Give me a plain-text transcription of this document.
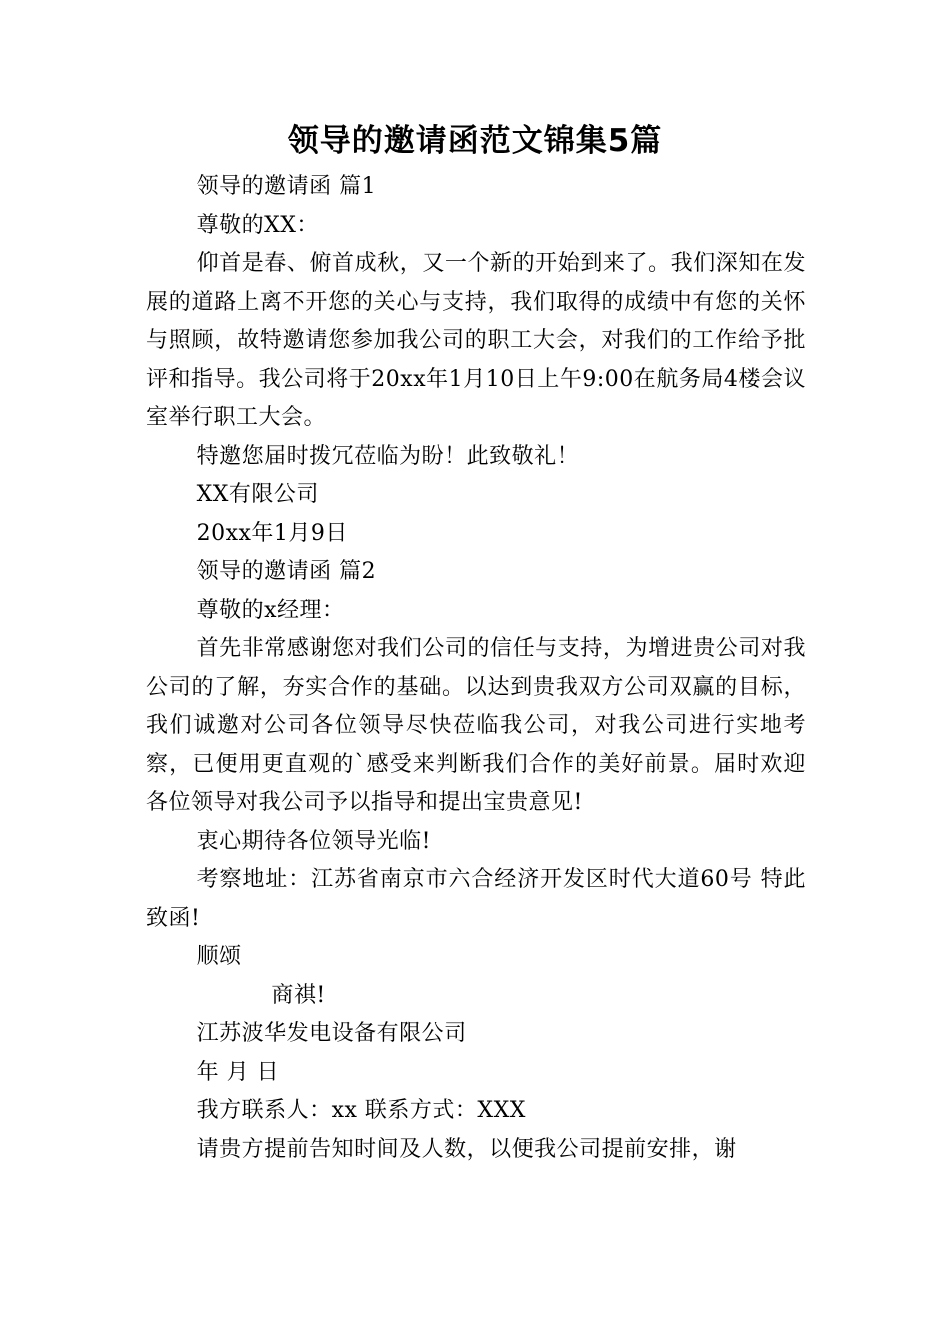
领导的邀请函范文锦集5篇

领导的邀请函 篇1

尊敬的XX：

仰首是春、俯首成秋，又一个新的开始到来了。我们深知在发展的道路上离不开您的关心与支持，我们取得的成绩中有您的关怀与照顾，故特邀请您参加我公司的职工大会，对我们的工作给予批评和指导。我公司将于20xx年1月10日上午9:00在航务局4楼会议室举行职工大会。

特邀您届时拨冗莅临为盼！此致敬礼！

XX有限公司

20xx年1月9日

领导的邀请函 篇2

尊敬的x经理：

首先非常感谢您对我们公司的信任与支持，为增进贵公司对我公司的了解，夯实合作的基础。以达到贵我双方公司双赢的目标，我们诚邀对公司各位领导尽快莅临我公司，对我公司进行实地考察，已便用更直观的`感受来判断我们合作的美好前景。届时欢迎各位领导对我公司予以指导和提出宝贵意见!

衷心期待各位领导光临!

考察地址：江苏省南京市六合经济开发区时代大道60号 特此致函!

顺颂

商祺!

江苏波华发电设备有限公司

年 月 日

我方联系人：xx 联系方式：XXX

请贵方提前告知时间及人数，以便我公司提前安排，谢
